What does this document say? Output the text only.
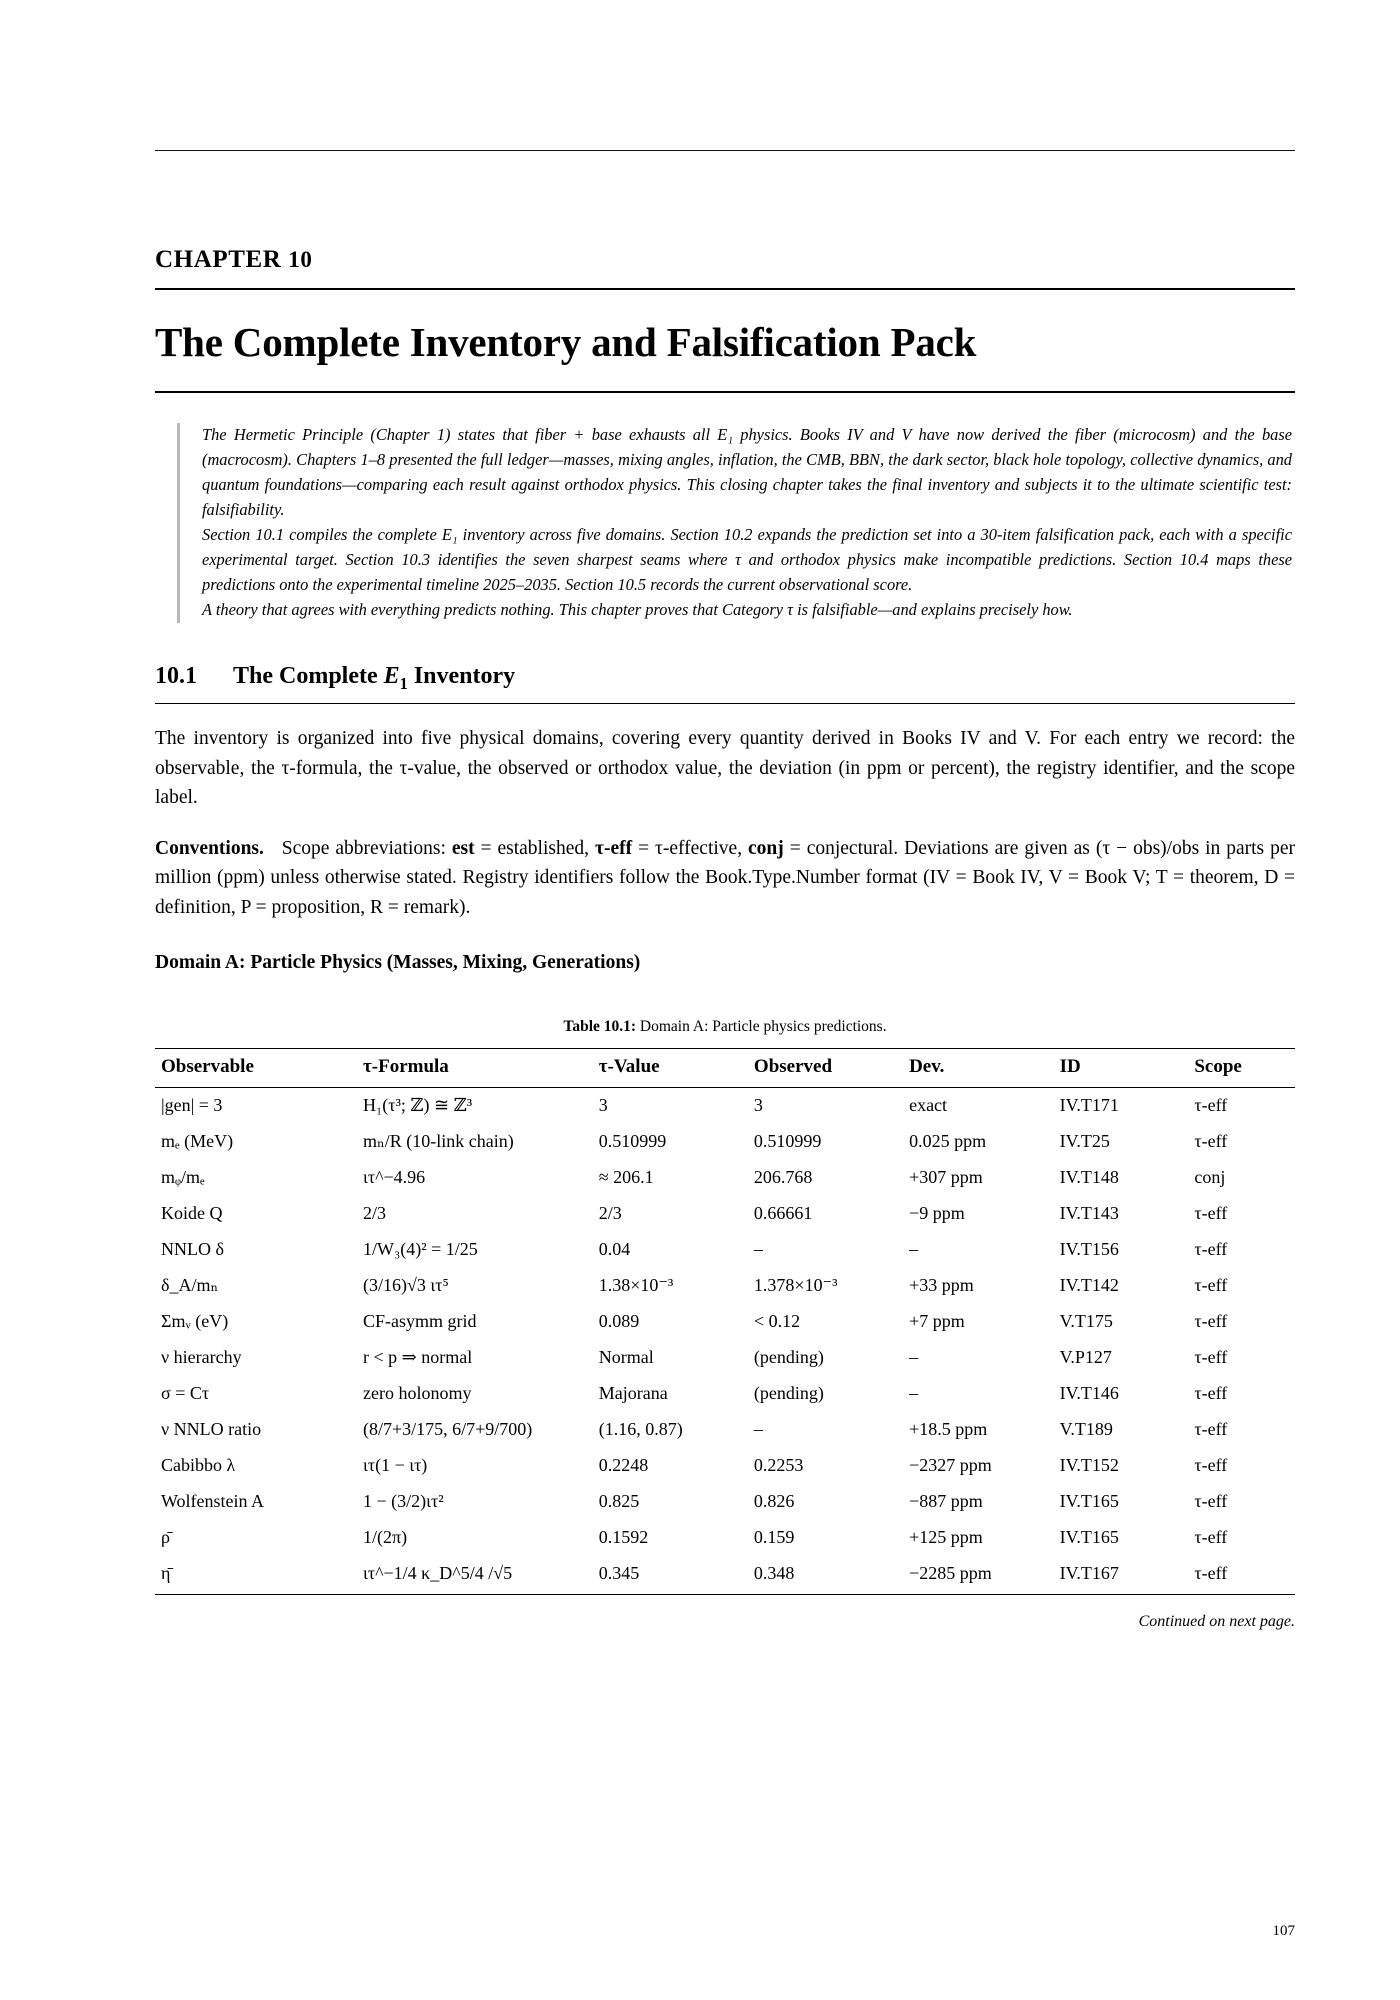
CHAPTER 10
The Complete Inventory and Falsification Pack

The Hermetic Principle (Chapter 1) states that fiber + base exhausts all E₁ physics. Books IV and V have now derived the fiber (microcosm) and the base (macrocosm). Chapters 1–8 presented the full ledger—masses, mixing angles, inflation, the CMB, BBN, the dark sector, black hole topology, collective dynamics, and quantum foundations—comparing each result against orthodox physics. This closing chapter takes the final inventory and subjects it to the ultimate scientific test: falsifiability.

Section 10.1 compiles the complete E₁ inventory across five domains. Section 10.2 expands the prediction set into a 30-item falsification pack, each with a specific experimental target. Section 10.3 identifies the seven sharpest seams where τ and orthodox physics make incompatible predictions. Section 10.4 maps these predictions onto the experimental timeline 2025–2035. Section 10.5 records the current observational score.

A theory that agrees with everything predicts nothing. This chapter proves that Category τ is falsifiable—and explains precisely how.

10.1	The Complete $E_1$ Inventory
The inventory is organized into five physical domains, covering every quantity derived in Books IV and V. For each entry we record: the observable, the τ-formula, the τ-value, the observed or orthodox value, the deviation (in ppm or percent), the registry identifier, and the scope label.
Conventions. Scope abbreviations: est = established, τ-eff = τ-effective, conj = conjectural. Deviations are given as (τ − obs)/obs in parts per million (ppm) unless otherwise stated. Registry identifiers follow the Book.Type.Number format (IV = Book IV, V = Book V; T = theorem, D = definition, P = proposition, R = remark).
Domain A: Particle Physics (Masses, Mixing, Generations)
Table 10.1: Domain A: Particle physics predictions.
Observable	τ-Formula	τ-Value	Observed	Dev.	ID	Scope
|gen| = 3	H₁(τ³; ℤ) ≅ ℤ³	3	3	exact	IV.T171	τ-eff
mₑ (MeV)	mₙ/R (10-link chain)	0.510999	0.510999	0.025 ppm	IV.T25	τ-eff
mᵩ/mₑ	ιτ^−4.96	≈ 206.1	206.768	+307 ppm	IV.T148	conj
Koide Q	2/3	2/3	0.66661	−9 ppm	IV.T143	τ-eff
NNLO δ	1/W₃(4)² = 1/25	0.04	–	–	IV.T156	τ-eff
δ_A/mₙ	(3/16)√3 ιτ⁵	1.38×10⁻³	1.378×10⁻³	+33 ppm	IV.T142	τ-eff
Σmᵥ (eV)	CF-asymm grid	0.089	< 0.12	+7 ppm	V.T175	τ-eff
ν hierarchy	r < p ⇒ normal	Normal	(pending)	–	V.P127	τ-eff
σ = Cτ	zero holonomy	Majorana	(pending)	–	IV.T146	τ-eff
ν NNLO ratio	(8/7+3/175, 6/7+9/700)	(1.16, 0.87)	–	+18.5 ppm	V.T189	τ-eff
Cabibbo λ	ιτ(1 − ιτ)	0.2248	0.2253	−2327 ppm	IV.T152	τ-eff
Wolfenstein A	1 − (3/2)ιτ²	0.825	0.826	−887 ppm	IV.T165	τ-eff
ρ̄	1/(2π)	0.1592	0.159	+125 ppm	IV.T165	τ-eff
η̄	ιτ^−1/4 κ_D^5/4 /√5	0.345	0.348	−2285 ppm	IV.T167	τ-eff
Continued on next page.
107
